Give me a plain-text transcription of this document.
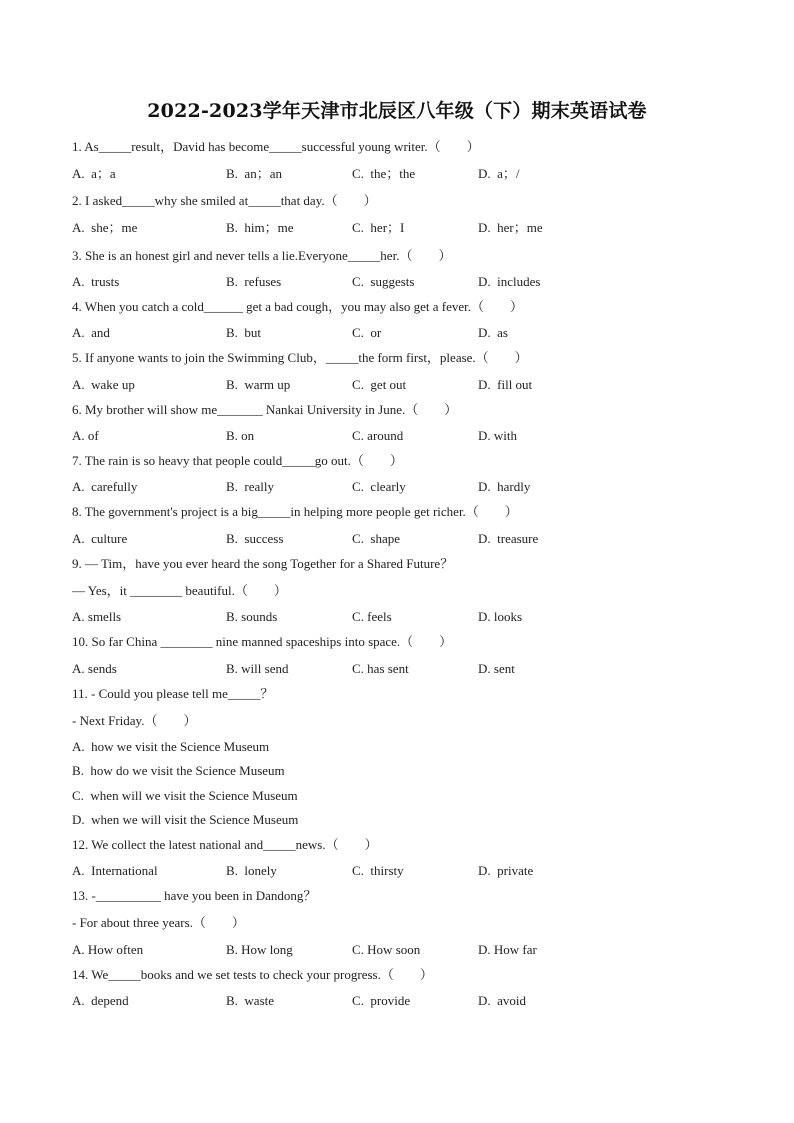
2022-2023学年天津市北辰区八年级（下）期末英语试卷
1. As_____result，David has become_____successful young writer.（　　）
A.  a；a	B.  an；an	C.  the；the	D.  a；/
2. I asked_____why she smiled at_____that day.（　　）
A.  she；me	B.  him；me	C.  her；I	D.  her；me
3. She is an honest girl and never tells a lie.Everyone_____her.（　　）
A.  trusts	B.  refuses	C.  suggests	D.  includes
4. When you catch a cold______ get a bad cough，you may also get a fever.（　　）
A.  and	B.  but	C.  or	D.  as
5. If anyone wants to join the Swimming Club，_____the form first，please.（　　）
A.  wake up	B.  warm up	C.  get out	D.  fill out
6. My brother will show me_______ Nankai University in June.（　　）
A. of	B. on	C. around	D. with
7. The rain is so heavy that people could_____go out.（　　）
A.  carefully	B.  really	C.  clearly	D.  hardly
8. The government's project is a big_____in helping more people get richer.（　　）
A.  culture	B.  success	C.  shape	D.  treasure
9. — Tim，have you ever heard the song Together for a Shared Future？
— Yes，it ________ beautiful.（　　）
A. smells	B. sounds	C. feels	D. looks
10. So far China ________ nine manned spaceships into space.（　　）
A. sends	B. will send	C. has sent	D. sent
11. - Could you please tell me_____？
- Next Friday.（　　）
A.  how we visit the Science Museum
B.  how do we visit the Science Museum
C.  when will we visit the Science Museum
D.  when we will visit the Science Museum
12. We collect the latest national and_____news.（　　）
A.  International	B.  lonely	C.  thirsty	D.  private
13. -__________ have you been in Dandong？
- For about three years.（　　）
A. How often	B. How long	C. How soon	D. How far
14. We_____books and we set tests to check your progress.（　　）
A.  depend	B.  waste	C.  provide	D.  avoid
